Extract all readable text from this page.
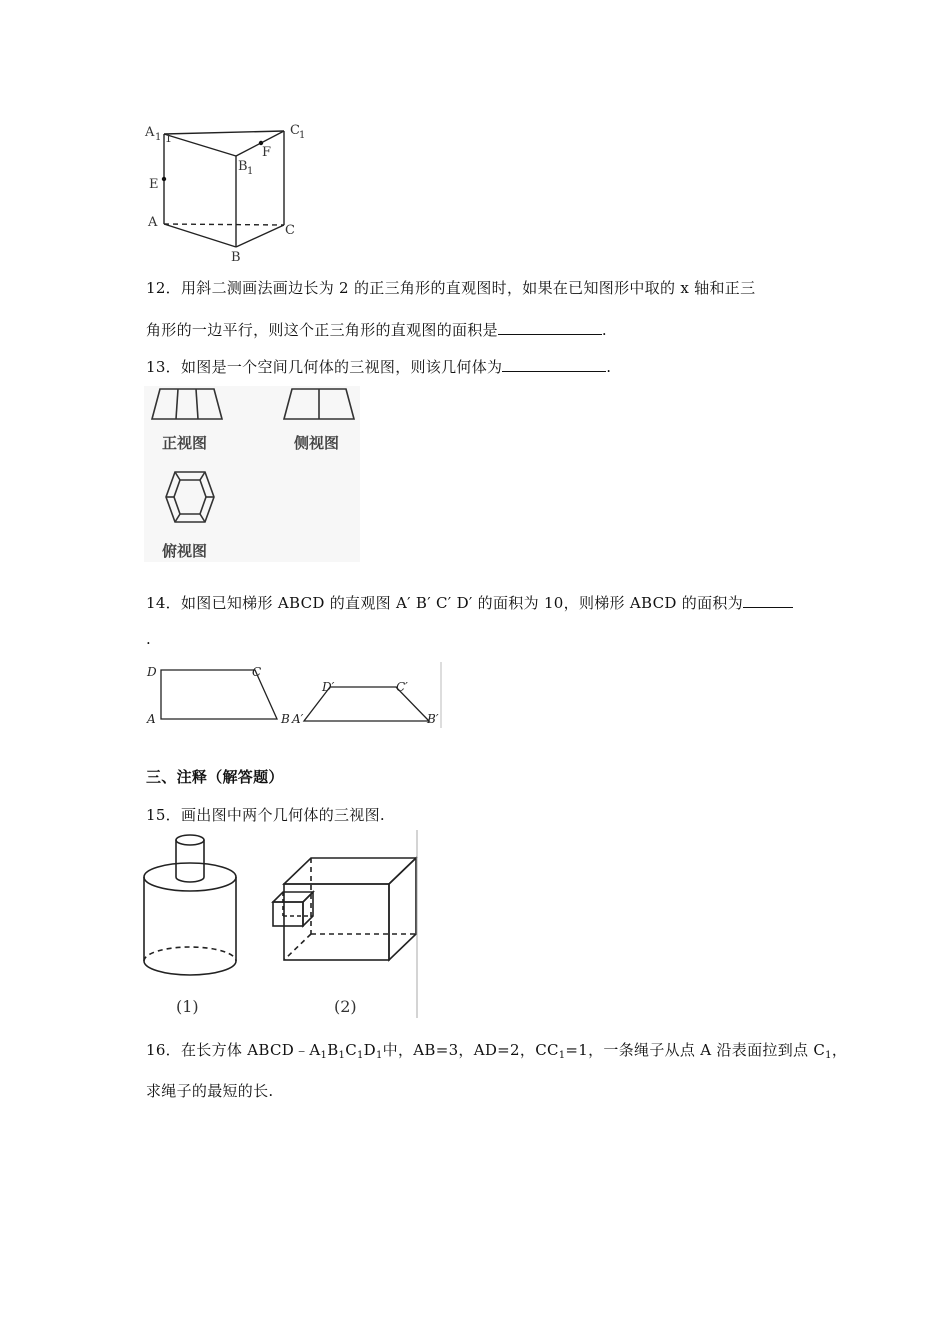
A 1 1
C 1
F
B 1
E
A
C
B
12．用斜二测画法画边长为 2 的正三角形的直观图时，如果在已知图形中取的 x 轴和正三
角形的一边平行，则这个正三角形的直观图的面积是	.
13．如图是一个空间几何体的三视图，则该几何体为	.
正视图	侧视图
俯视图
14．如图已知梯形 ABCD 的直观图 A′ B′ C′ D′ 的面积为 10，则梯形 ABCD 的面积为
.
D	C
A	B
D′	C′
A′	B′
三、注释（解答题）
15．画出图中两个几何体的三视图.
(1)	(2)
16．在长方体 $ABCD﹣A_1B_1C_1D_1$中，AB=3，AD=2，$CC_1=1$，一条绳子从点 A 沿表面拉到点 $C_1$，
求绳子的最短的长.
